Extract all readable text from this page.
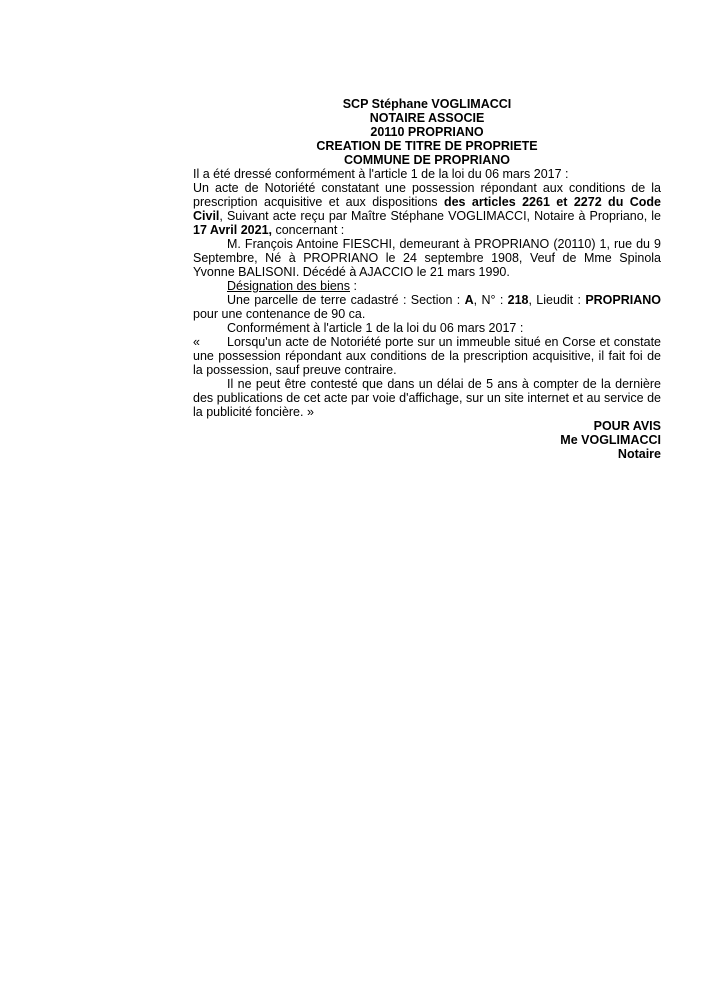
SCP Stéphane VOGLIMACCI

NOTAIRE ASSOCIE

20110 PROPRIANO

CREATION DE TITRE DE PROPRIETE

COMMUNE DE PROPRIANO

Il a été dressé conformément à l'article 1 de la loi du 06 mars 2017 :

Un acte de Notoriété constatant une possession répondant aux conditions de la prescription acquisitive et aux dispositions des articles 2261 et 2272 du Code Civil, Suivant acte reçu par Maître Stéphane VOGLIMACCI, Notaire à Propriano, le 17 Avril 2021, concernant :

M. François Antoine FIESCHI, demeurant à PROPRIANO (20110) 1, rue du 9 Septembre, Né à PROPRIANO le 24 septembre 1908, Veuf de Mme Spinola Yvonne BALISONI. Décédé à AJACCIO le 21 mars 1990.

Désignation des biens :

Une parcelle de terre cadastré : Section : A, N° : 218, Lieudit : PROPRIANO pour une contenance de 90 ca.

Conformément à l'article 1 de la loi du 06 mars 2017 :

« Lorsqu'un acte de Notoriété porte sur un immeuble situé en Corse et constate une possession répondant aux conditions de la prescription acquisitive, il fait foi de la possession, sauf preuve contraire.

Il ne peut être contesté que dans un délai de 5 ans à compter de la dernière des publications de cet acte par voie d'affichage, sur un site internet et au service de la publicité foncière. »

POUR AVIS

Me VOGLIMACCI

Notaire
